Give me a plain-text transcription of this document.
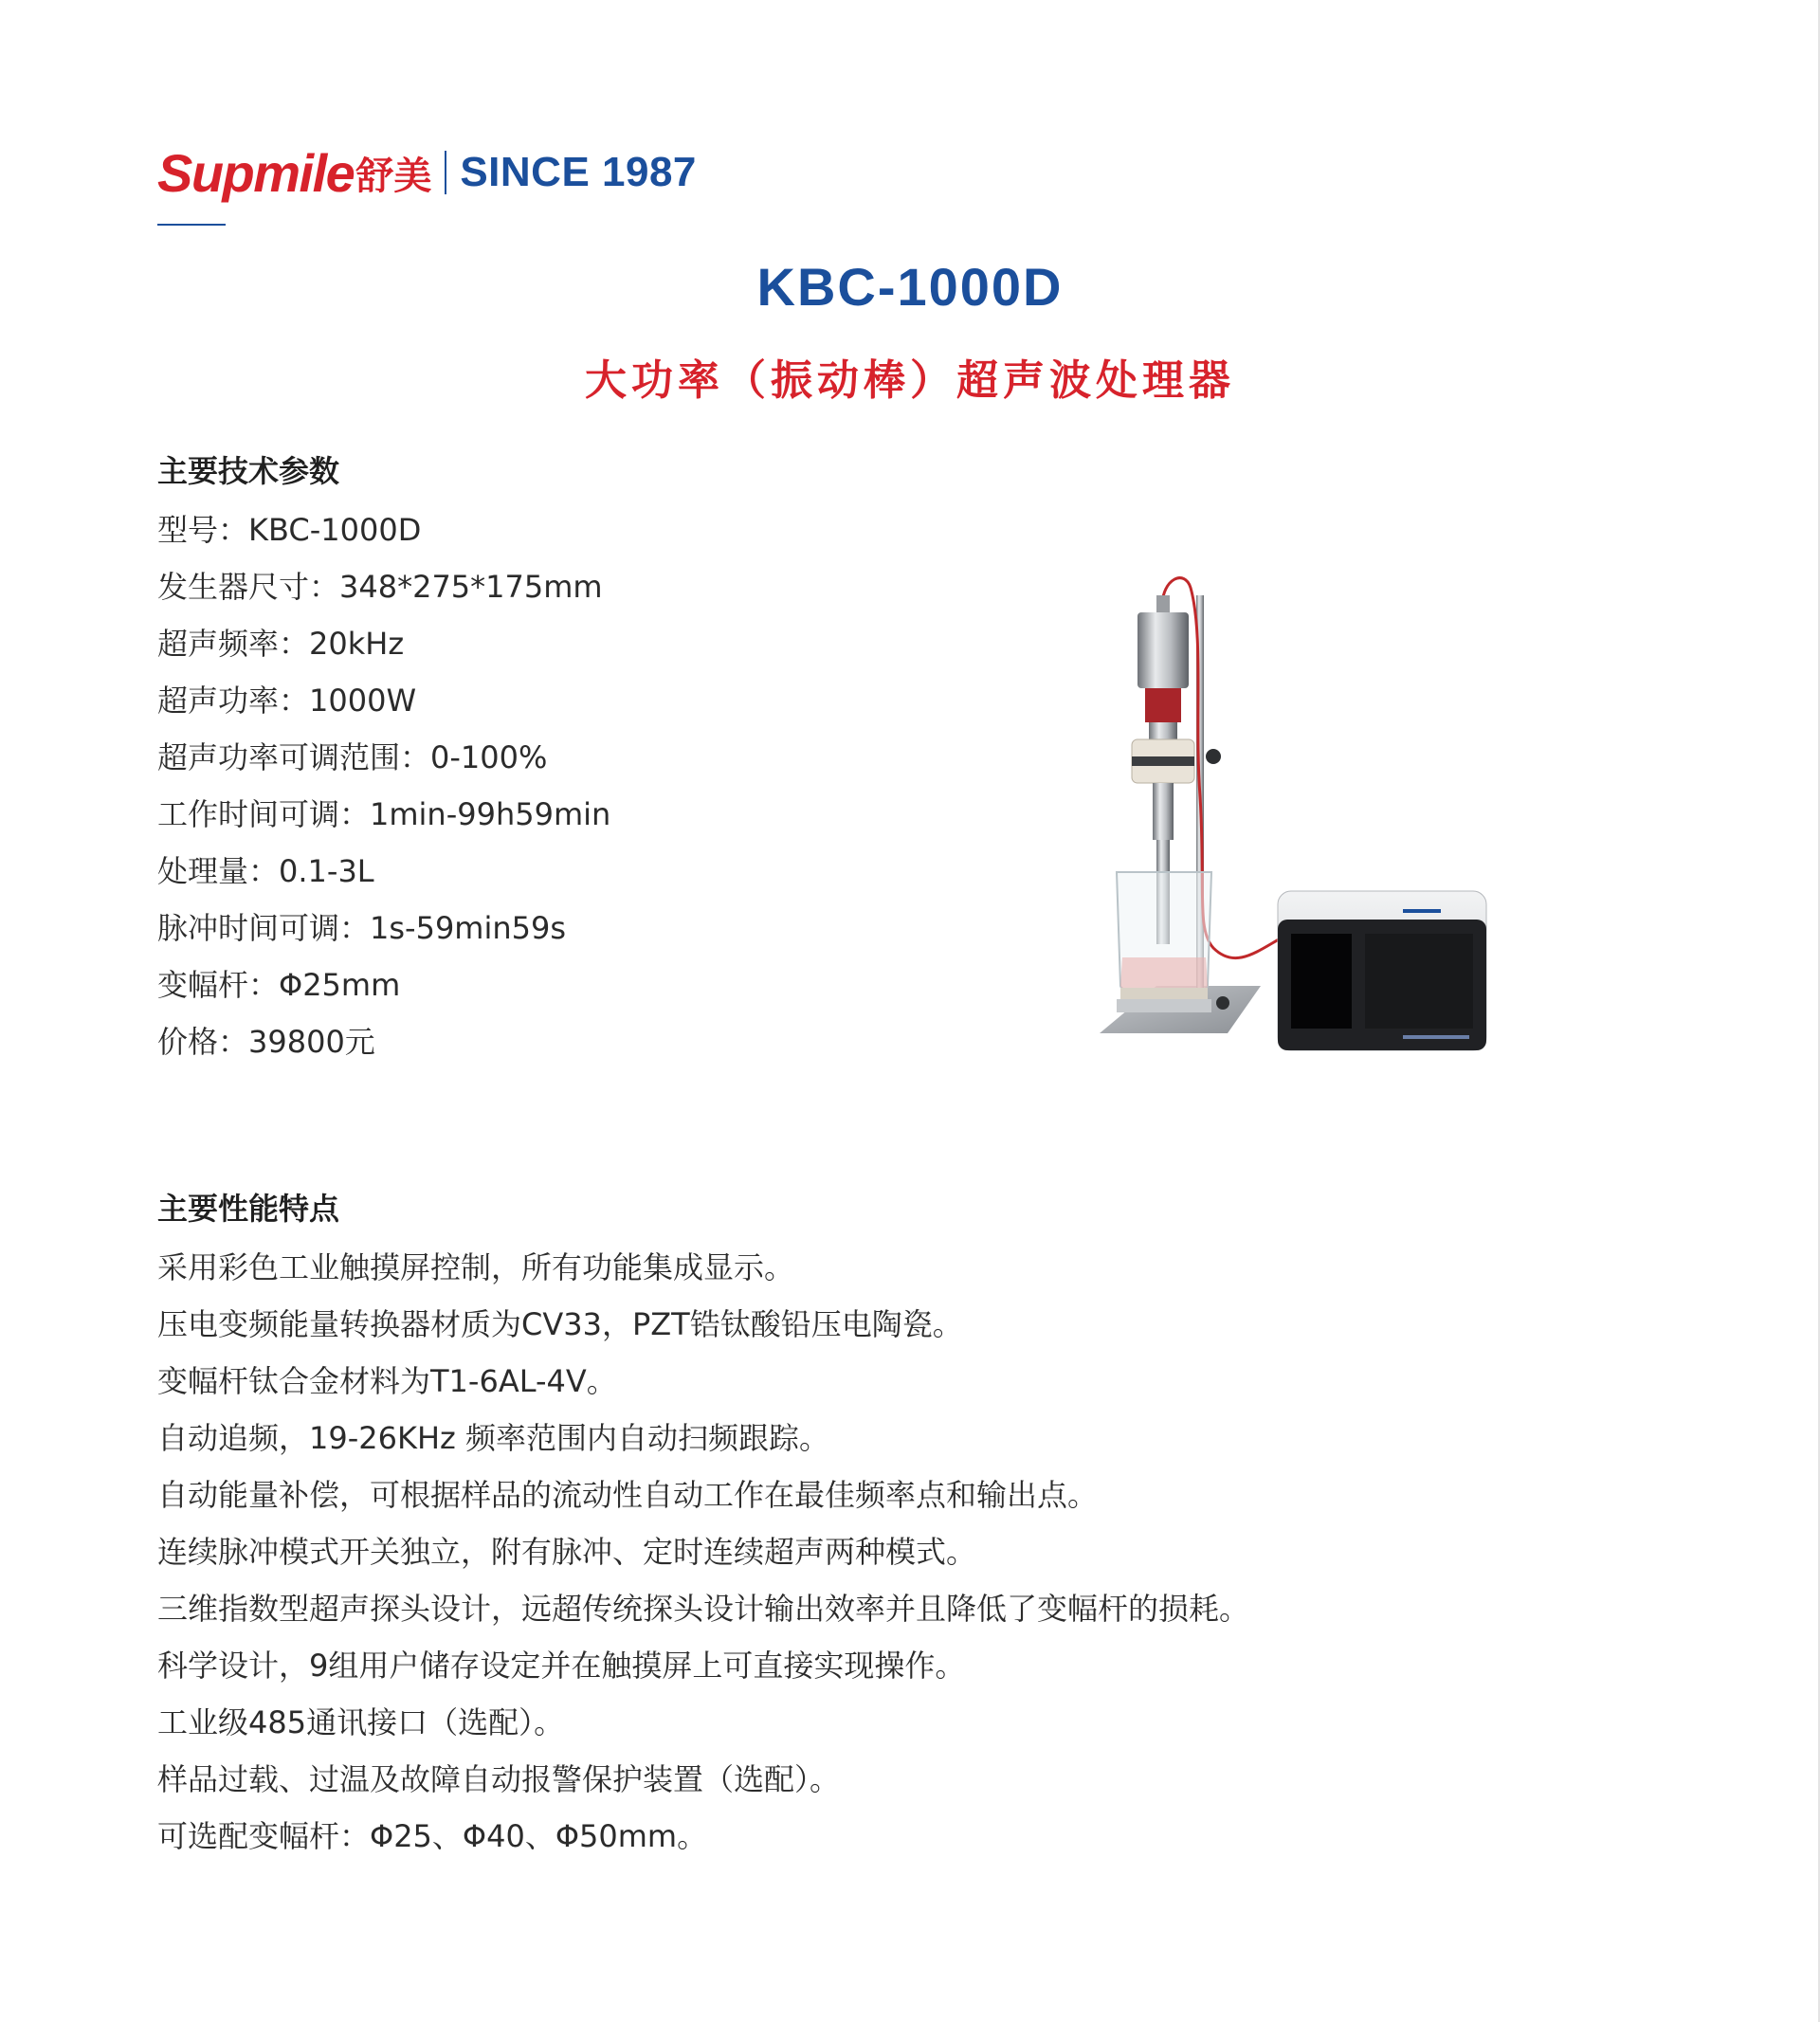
Supmile 舒美 SINCE 1987
KBC-1000D
大功率（振动棒）超声波处理器
主要技术参数
型号：KBC-1000D
发生器尺寸：348*275*175mm
超声频率：20kHz
超声功率：1000W
超声功率可调范围：0-100%
工作时间可调：1min-99h59min
处理量：0.1-3L
脉冲时间可调：1s-59min59s
变幅杆：Φ25mm
价格：39800元
主要性能特点
采用彩色工业触摸屏控制，所有功能集成显示。
压电变频能量转换器材质为CV33，PZT锆钛酸铅压电陶瓷。
变幅杆钛合金材料为T1-6AL-4V。
自动追频，19-26KHz 频率范围内自动扫频跟踪。
自动能量补偿，可根据样品的流动性自动工作在最佳频率点和输出点。
连续脉冲模式开关独立，附有脉冲、定时连续超声两种模式。
三维指数型超声探头设计，远超传统探头设计输出效率并且降低了变幅杆的损耗。
科学设计，9组用户储存设定并在触摸屏上可直接实现操作。
工业级485通讯接口（选配）。
样品过载、过温及故障自动报警保护装置（选配）。
可选配变幅杆：Φ25、Φ40、Φ50mm。
